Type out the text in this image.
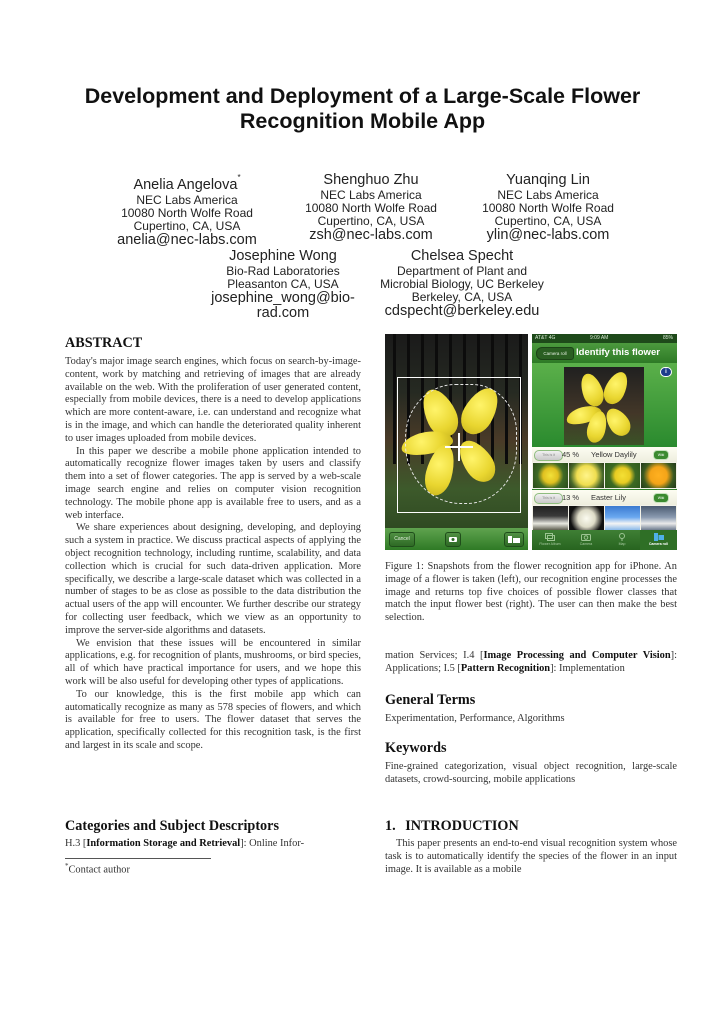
Development and Deployment of a Large-Scale Flower
Recognition Mobile App
Anelia Angelova*
NEC Labs America
10080 North Wolfe Road
Cupertino, CA, USA
anelia@nec-labs.com
Shenghuo Zhu
NEC Labs America
10080 North Wolfe Road
Cupertino, CA, USA
zsh@nec-labs.com
Yuanqing Lin
NEC Labs America
10080 North Wolfe Road
Cupertino, CA, USA
ylin@nec-labs.com
Josephine Wong
Bio-Rad Laboratories
Pleasanton CA, USA
josephine_wong@bio-
rad.com
Chelsea Specht
Department of Plant and
Microbial Biology, UC Berkeley
Berkeley, CA, USA
cdspecht@berkeley.edu
ABSTRACT

Today's major image search engines, which focus on search-by-image-content, work by matching and retrieving of images that are already available on the web. With the proliferation of user generated content, especially from mobile devices, there is a need to develop applications which are more content-aware, i.e. can understand and recognize what is in the image, and which can handle the deteriorated quality inherent to user images uploaded from mobile devices.

In this paper we describe a mobile phone application intended to automatically recognize flower images taken by users and classify them into a set of flower categories. The app is served by a web-scale image search engine and relies on computer vision recognition technology. The mobile phone app is available free to users, and as a web interface.

We share experiences about designing, developing, and deploying such a system in practice. We discuss practical aspects of applying the object recognition technology, including runtime, scalability, and data collection which is crucial for such data-driven application. More specifically, we describe a large-scale dataset which was collected in a number of stages to be as close as possible to the data distribution the actual users of the app will encounter. We further describe our strategy for collecting user feedback, which we view as an opportunity to improve the server-side algorithms and datasets.

We envision that these issues will be encountered in similar applications, e.g. for recognition of plants, mushrooms, or bird species, all of which have practical importance for users, and we hope this work will be also useful for developing other types of applications.

To our knowledge, this is the first mobile app which can automatically recognize as many as 578 species of flowers, and which is available for free to users. The flower dataset that serves the application, specifically collected for this recognition task, is the first and largest in its scale and scope.

Categories and Subject Descriptors

H.3 [Information Storage and Retrieval]: Online Infor-

*Contact author
Cancel
AT&T 4G	9:09 AM	85%
Camera roll Identify this flower
i
This is it 45 % Yellow Daylily	Wiki
This is it 13 % Easter Lily	Wiki
Flower Album	Camera	Map	Camera roll

Figure 1: Snapshots from the flower recognition app for iPhone. An image of a flower is taken (left), our recognition engine processes the image and returns top five choices of possible flower classes that match the input flower best (right). The user can then make the best selection.

mation Services; I.4 [Image Processing and Computer Vision]: Applications; I.5 [Pattern Recognition]: Implementation

General Terms

Experimentation, Performance, Algorithms

Keywords

Fine-grained categorization, visual object recognition, large-scale datasets, crowd-sourcing, mobile applications

1. INTRODUCTION

This paper presents an end-to-end visual recognition system whose task is to automatically identify the species of the flower in an input image. It is available as a mobile
